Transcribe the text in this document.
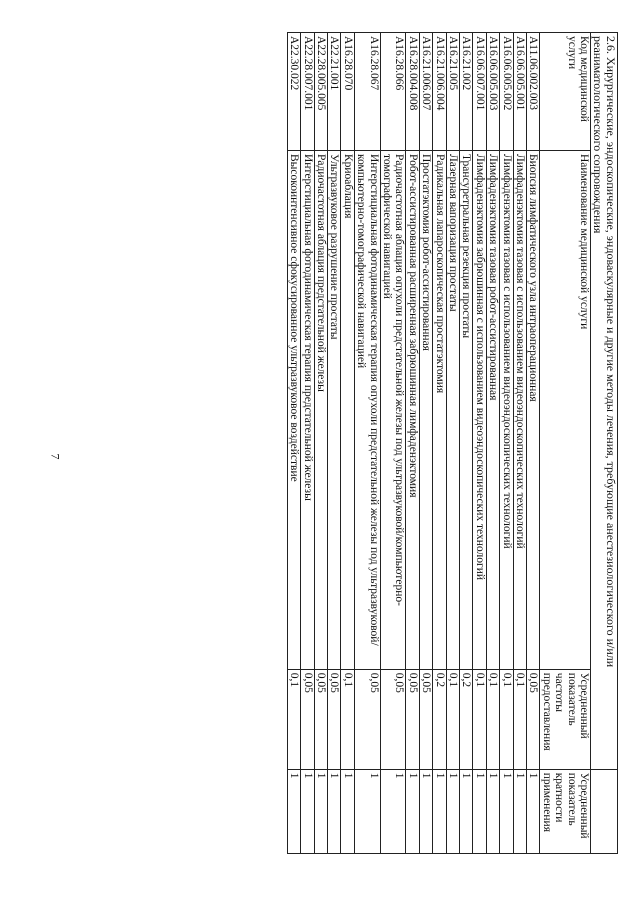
7	2.6. Хирургические, эндоскопические, эндоваскулярные и другие методы лечения, требующие анестезиологического и/или реаниматологического сопровождения			
Код медицинской услуги	Наименование медицинской услуги	Усредненный показатель частоты предоставления	Усредненный показатель кратности применения
A11.06.002.003	Биопсия лимфатического узла интраоперационная	0,05	1
A16.06.005.001	Лимфаденэктомия тазовая с использованием видеоэндоскопических технологий	0,1	1
A16.06.005.002	Лимфаденэктомия тазовая с использованием видеоэндоскопических технологий	0,1	1
A16.06.005.003	Лимфаденэктомия тазовая робот-ассистированная	0,1	1
A16.06.007.001	Лимфаденэктомия забрюшинная с использованием видеоэндоскопических технологий	0,1	1
A16.21.002	Трансуретральная резекция простаты	0,2	1
A16.21.005	Лазерная вапоризация простаты	0,1	1
A16.21.006.004	Радикальная лапароскопическая простатэктомия	0,2	1
A16.21.006.007	Простатэктомия робот-ассистированная	0,05	1
A16.28.004.008	Робот-ассистированная расширенная забрюшинная лимфаденэктомия	0,05	1
A16.28.066	Радиочастотная аблация опухоли предстательной железы под ультразвуковой/компьютерно-томографической навигацией	0,05	1
A16.28.067	Интерстициальная фотодинамическая терапия опухоли предстательной железы под ультразвуковой/компьютерно-томографической навигацией	0,05	1
A16.28.070	Криоаблация	0,1	1
A22.21.001	Ультразвуковое разрушение простаты	0,05	1
A22.28.005.005	Радиочастотная аблация предстательной железы	0,05	1
A22.28.007.001	Интерстициальная фотодинамическая терапия предстательной железы	0,05	1
A22.30.022	Высокоинтенсивное сфокусированное ультразвуковое воздействие	0,1	1
